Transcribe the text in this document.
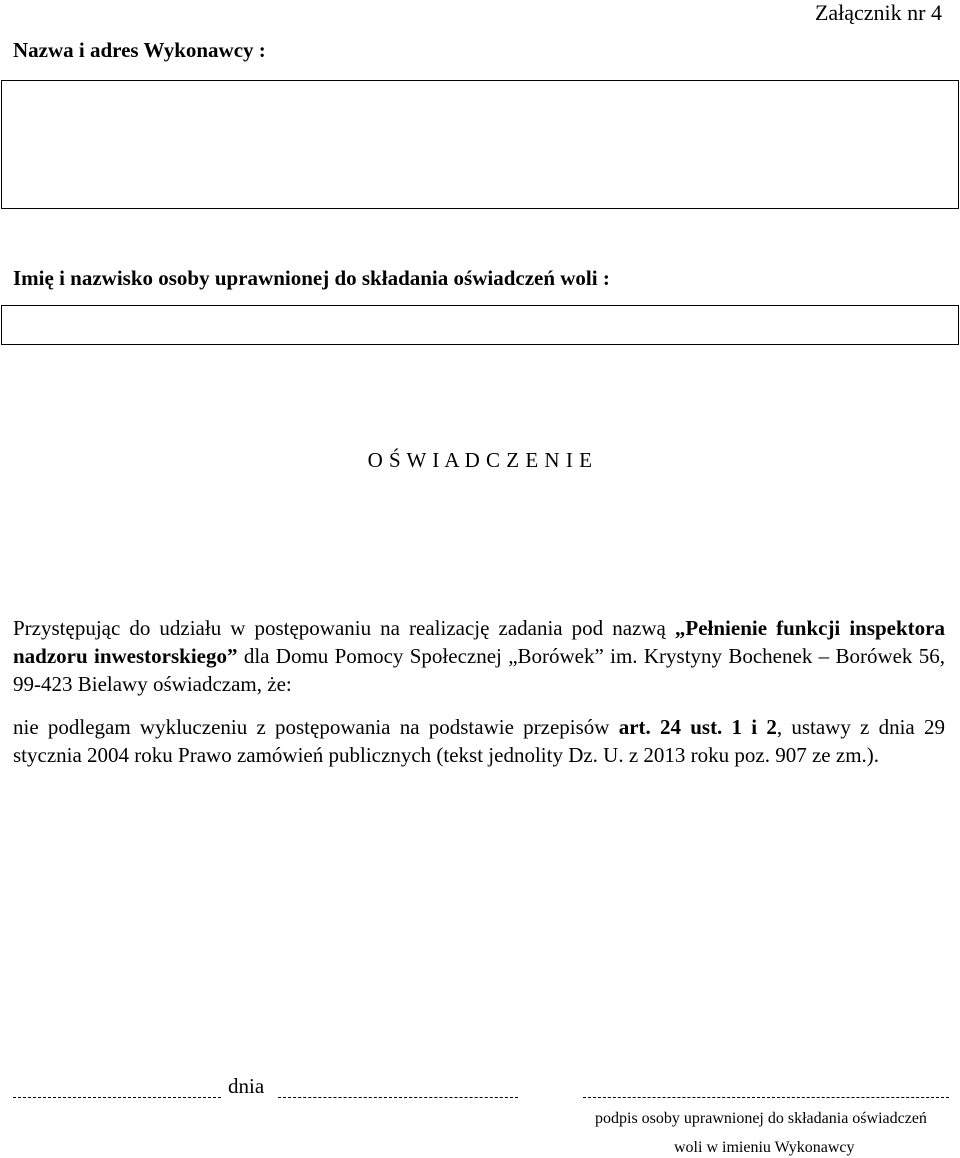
Załącznik nr 4
Nazwa i adres Wykonawcy :
Imię i nazwisko osoby uprawnionej do składania oświadczeń woli :
O Ś W I A D C Z E N I E

Przystępując do udziału w postępowaniu na realizację zadania pod nazwą „Pełnienie funkcji inspektora nadzoru inwestorskiego” dla Domu Pomocy Społecznej „Borówek” im. Krystyny Bochenek – Borówek 56, 99-423 Bielawy oświadczam, że:

nie podlegam wykluczeniu z postępowania na podstawie przepisów art. 24 ust. 1 i 2, ustawy z dnia 29 stycznia 2004 roku Prawo zamówień publicznych (tekst jednolity Dz. U. z 2013 roku poz. 907 ze zm.).

dnia
podpis osoby uprawnionej do składania oświadczeń
woli w imieniu Wykonawcy
